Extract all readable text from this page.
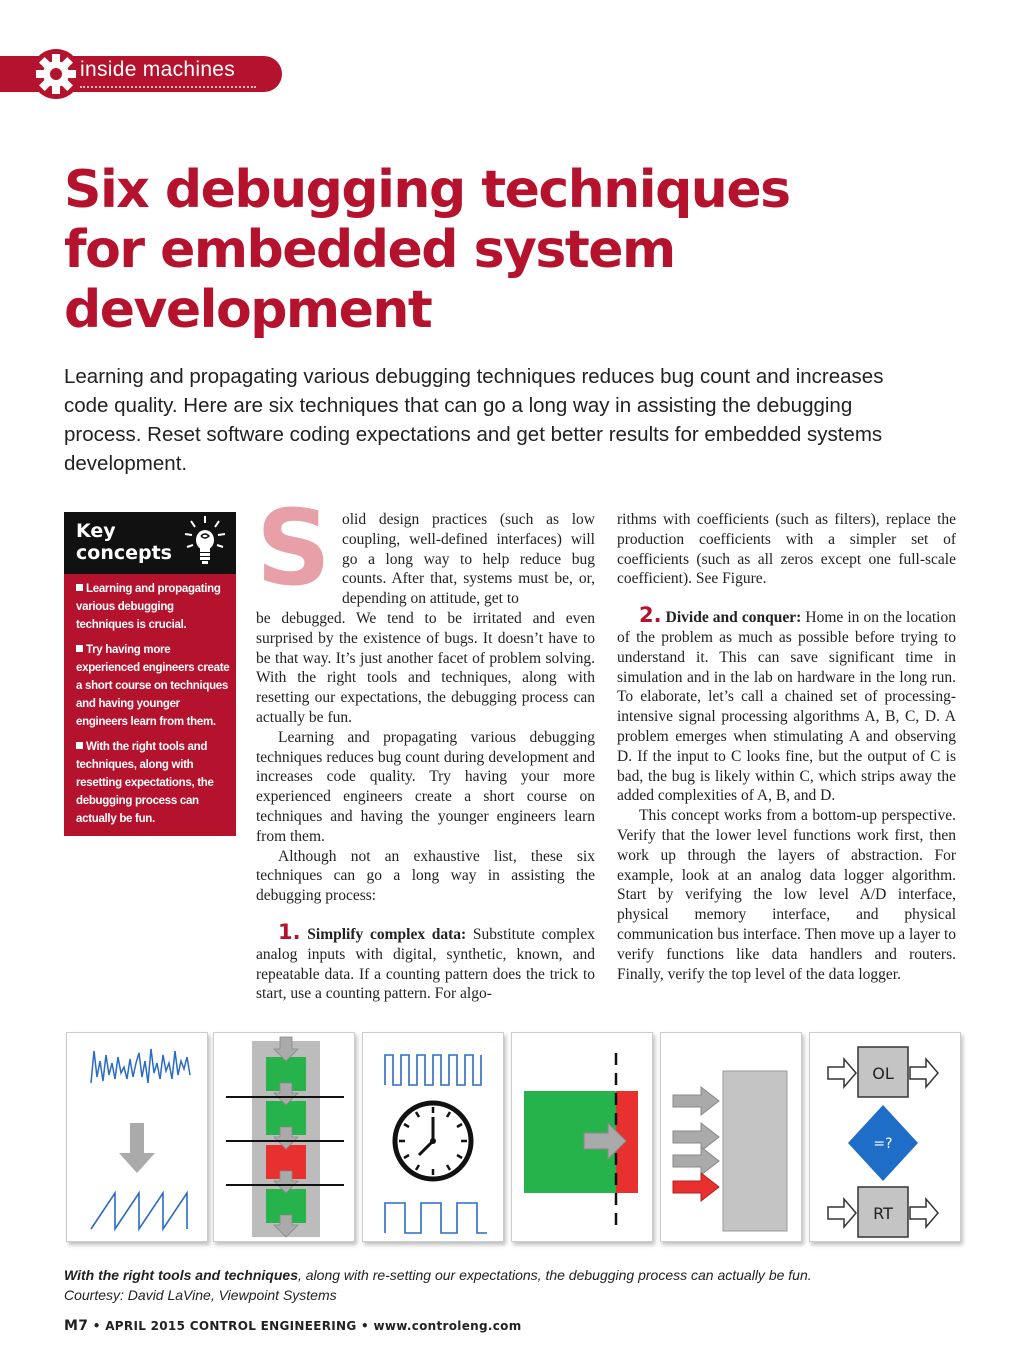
inside machines
Six debugging techniques
for embedded system
development
Learning and propagating various debugging techniques reduces bug count and increases code quality. Here are six techniques that can go a long way in assisting the debugging process. Reset software coding expectations and get better results for embedded systems development.
Key
concepts
Learning and propagating various debugging techniques is crucial.
Try having more experienced engineers create a short course on techniques and having younger engineers learn from them.
With the right tools and techniques, along with resetting expectations, the debugging process can actually be fun.
S olid design practices (such as low coupling, well-defined interfaces) will go a long way to help reduce bug counts. After that, systems must be, or, depending on attitude, get to

be debugged. We tend to be irritated and even surprised by the existence of bugs. It doesn’t have to be that way. It’s just another facet of problem solving. With the right tools and techniques, along with resetting our expectations, the debugging process can actually be fun.

Learning and propagating various debugging techniques reduces bug count during development and increases code quality. Try having your more experienced engineers create a short course on techniques and having the younger engineers learn from them.

Although not an exhaustive list, these six techniques can go a long way in assisting the debugging process:

1. Simplify complex data: Substitute complex analog inputs with digital, synthetic, known, and repeatable data. If a counting pattern does the trick to start, use a counting pattern. For algo-

rithms with coefficients (such as filters), replace the production coefficients with a simpler set of coefficients (such as all zeros except one full-scale coefficient). See Figure.

2. Divide and conquer: Home in on the location of the problem as much as possible before trying to understand it. This can save significant time in simulation and in the lab on hardware in the long run. To elaborate, let’s call a chained set of processing-intensive signal processing algorithms A, B, C, D. A problem emerges when stimulating A and observing D. If the input to C looks fine, but the output of C is bad, the bug is likely within C, which strips away the added complexities of A, B, and D.

This concept works from a bottom-up perspective. Verify that the lower level functions work first, then work up through the layers of abstraction. For example, look at an analog data logger algorithm. Start by verifying the low level A/D interface, physical memory interface, and physical communication bus interface. Then move up a layer to verify functions like data handlers and routers. Finally, verify the top level of the data logger.

OL
=?
RT
With the right tools and techniques, along with re-setting our expectations, the debugging process can actually be fun.
Courtesy: David LaVine, Viewpoint Systems
M7 • APRIL 2015 CONTROL ENGINEERING • www.controleng.com
